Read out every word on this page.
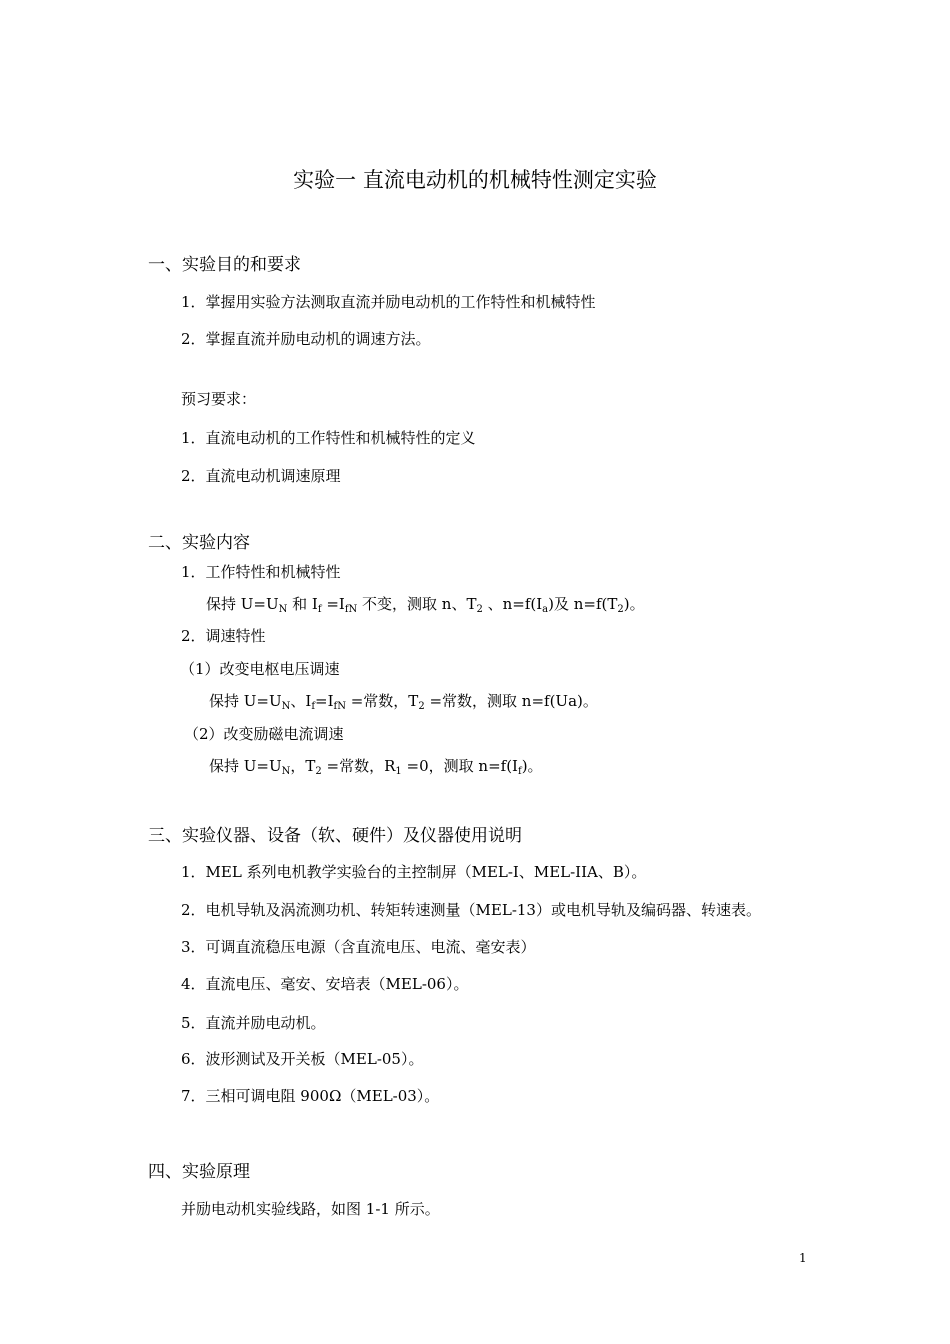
实验一 直流电动机的机械特性测定实验
一、实验目的和要求
1．掌握用实验方法测取直流并励电动机的工作特性和机械特性
2．掌握直流并励电动机的调速方法。
预习要求：
1．直流电动机的工作特性和机械特性的定义
2．直流电动机调速原理
二、实验内容
1．工作特性和机械特性
保持 $U=U_N$ 和 $I_f =I_{fN}$ 不变，测取 n、$T_2$ 、$n=f(I_a)$及 $n=f(T_2)$。
2．调速特性
（1）改变电枢电压调速
保持 $U=U_N$、$I_f=I_{fN}$ =常数，$T_2$ =常数，测取 n=f(Ua)。
（2）改变励磁电流调速
保持 $U=U_N$，$T_2$ =常数，$R_1 =0$，测取 $n=f(I_f)$。
三、实验仪器、设备（软、硬件）及仪器使用说明
1．MEL 系列电机教学实验台的主控制屏（MEL-I、MEL-IIA、B）。
2．电机导轨及涡流测功机、转矩转速测量（MEL-13）或电机导轨及编码器、转速表。
3．可调直流稳压电源（含直流电压、电流、毫安表）
4．直流电压、毫安、安培表（MEL-06）。
5．直流并励电动机。
6．波形测试及开关板（MEL-05）。
7．三相可调电阻 900Ω（MEL-03）。
四、实验原理
并励电动机实验线路，如图 1-1 所示。
1
